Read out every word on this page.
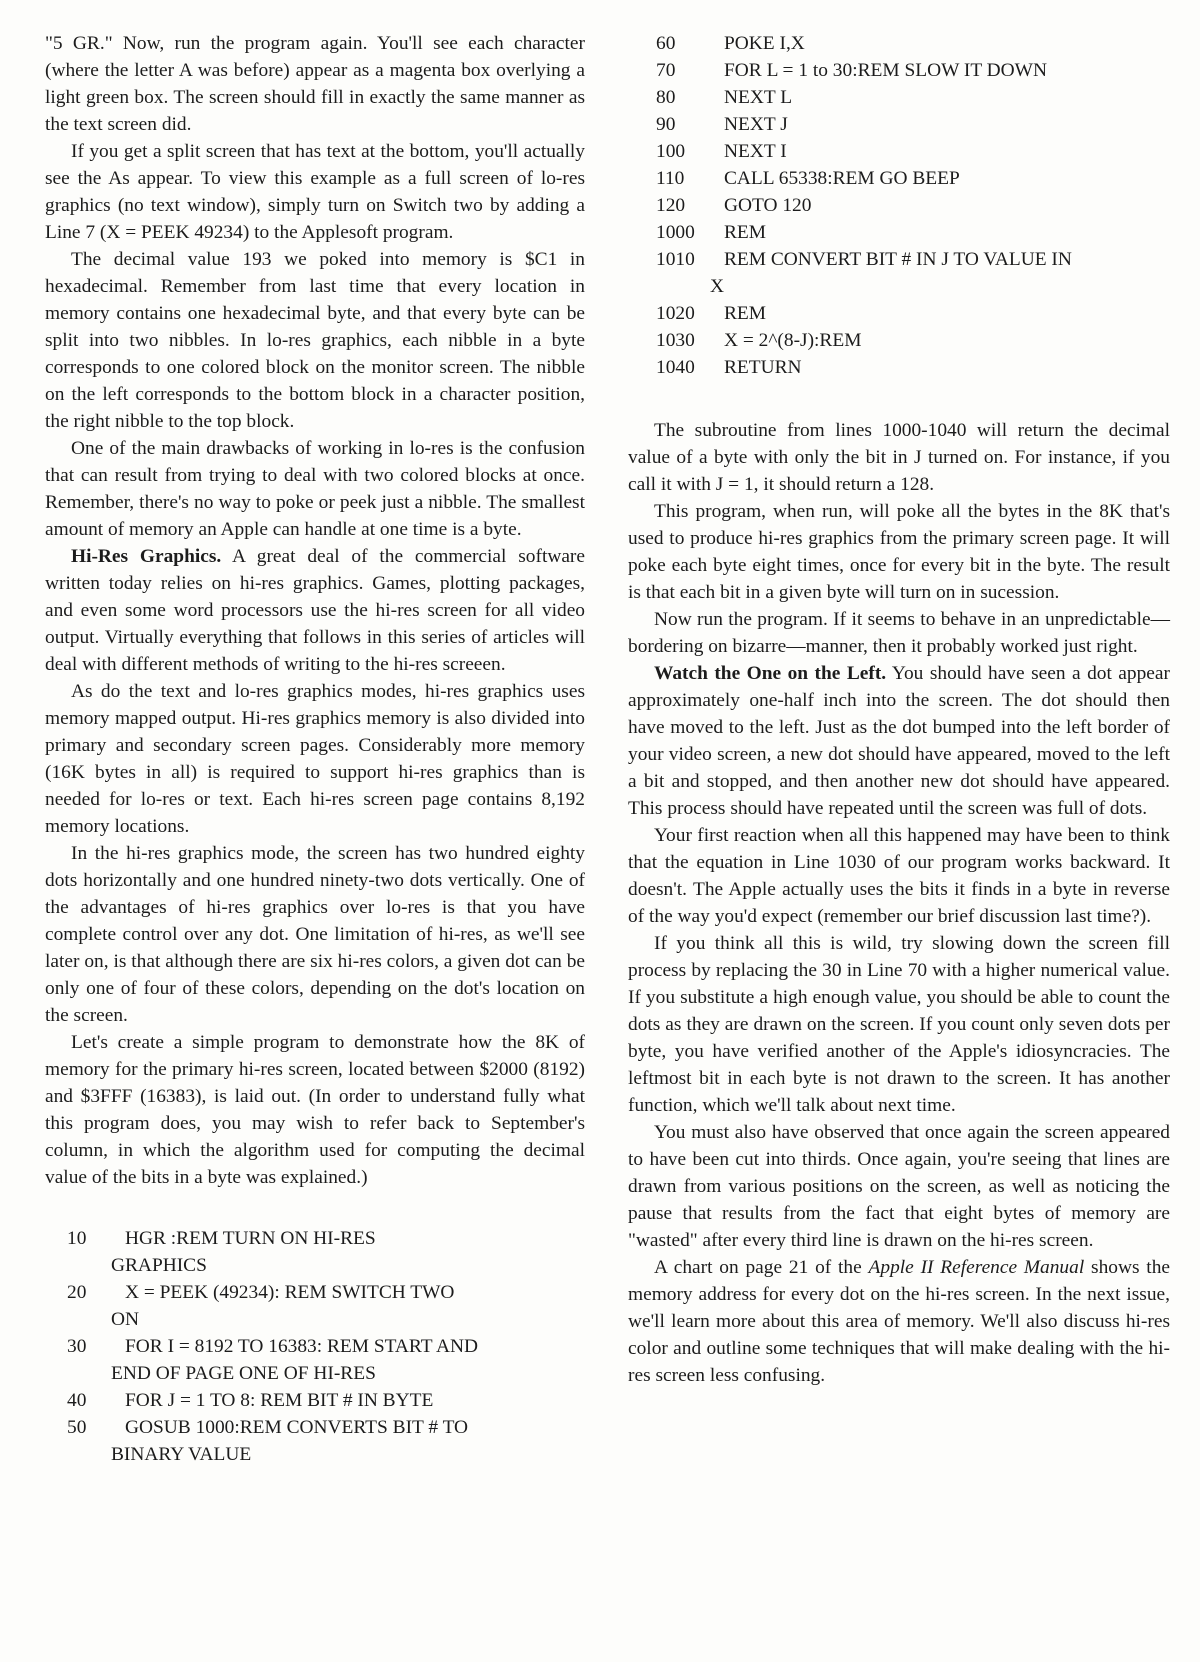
"5 GR." Now, run the program again. You'll see each character (where the letter A was before) appear as a magenta box overlying a light green box. The screen should fill in exactly the same manner as the text screen did.

If you get a split screen that has text at the bottom, you'll actually see the As appear. To view this example as a full screen of lo-res graphics (no text window), simply turn on Switch two by adding a Line 7 (X = PEEK 49234) to the Applesoft program.

The decimal value 193 we poked into memory is $C1 in hexadecimal. Remember from last time that every location in memory contains one hexadecimal byte, and that every byte can be split into two nibbles. In lo-res graphics, each nibble in a byte corresponds to one colored block on the monitor screen. The nibble on the left corresponds to the bottom block in a character position, the right nibble to the top block.

One of the main drawbacks of working in lo-res is the confusion that can result from trying to deal with two colored blocks at once. Remember, there's no way to poke or peek just a nibble. The smallest amount of memory an Apple can handle at one time is a byte.

Hi-Res Graphics. A great deal of the commercial software written today relies on hi-res graphics. Games, plotting packages, and even some word processors use the hi-res screen for all video output. Virtually everything that follows in this series of articles will deal with different methods of writing to the hi-res screeen.

As do the text and lo-res graphics modes, hi-res graphics uses memory mapped output. Hi-res graphics memory is also divided into primary and secondary screen pages. Considerably more memory (16K bytes in all) is required to support hi-res graphics than is needed for lo-res or text. Each hi-res screen page contains 8,192 memory locations.

In the hi-res graphics mode, the screen has two hundred eighty dots horizontally and one hundred ninety-two dots vertically. One of the advantages of hi-res graphics over lo-res is that you have complete control over any dot. One limitation of hi-res, as we'll see later on, is that although there are six hi-res colors, a given dot can be only one of four of these colors, depending on the dot's location on the screen.

Let's create a simple program to demonstrate how the 8K of memory for the primary hi-res screen, located between $2000 (8192) and $3FFF (16383), is laid out. (In order to understand fully what this program does, you may wish to refer back to September's column, in which the algorithm used for computing the decimal value of the bits in a byte was explained.)

10	HGR :REM TURN ON HI-RES
GRAPHICS
20	X = PEEK (49234): REM SWITCH TWO
ON
30	FOR I = 8192 TO 16383: REM START AND
END OF PAGE ONE OF HI-RES
40	FOR J = 1 TO 8: REM BIT # IN BYTE
50	GOSUB 1000:REM CONVERTS BIT # TO
BINARY VALUE
60	POKE I,X
70	FOR L = 1 to 30:REM SLOW IT DOWN
80	NEXT L
90	NEXT J
100	NEXT I
110	CALL 65338:REM GO BEEP
120	GOTO 120
1000	REM
1010	REM CONVERT BIT # IN J TO VALUE IN
X
1020	REM
1030	X = 2^(8-J):REM
1040	RETURN

The subroutine from lines 1000-1040 will return the decimal value of a byte with only the bit in J turned on. For instance, if you call it with J = 1, it should return a 128.

This program, when run, will poke all the bytes in the 8K that's used to produce hi-res graphics from the primary screen page. It will poke each byte eight times, once for every bit in the byte. The result is that each bit in a given byte will turn on in sucession.

Now run the program. If it seems to behave in an unpredictable—bordering on bizarre—manner, then it probably worked just right.

Watch the One on the Left. You should have seen a dot appear approximately one-half inch into the screen. The dot should then have moved to the left. Just as the dot bumped into the left border of your video screen, a new dot should have appeared, moved to the left a bit and stopped, and then another new dot should have appeared. This process should have repeated until the screen was full of dots.

Your first reaction when all this happened may have been to think that the equation in Line 1030 of our program works backward. It doesn't. The Apple actually uses the bits it finds in a byte in reverse of the way you'd expect (remember our brief discussion last time?).

If you think all this is wild, try slowing down the screen fill process by replacing the 30 in Line 70 with a higher numerical value. If you substitute a high enough value, you should be able to count the dots as they are drawn on the screen. If you count only seven dots per byte, you have verified another of the Apple's idiosyncracies. The leftmost bit in each byte is not drawn to the screen. It has another function, which we'll talk about next time.

You must also have observed that once again the screen appeared to have been cut into thirds. Once again, you're seeing that lines are drawn from various positions on the screen, as well as noticing the pause that results from the fact that eight bytes of memory are "wasted" after every third line is drawn on the hi-res screen.

A chart on page 21 of the Apple II Reference Manual shows the memory address for every dot on the hi-res screen. In the next issue, we'll learn more about this area of memory. We'll also discuss hi-res color and outline some techniques that will make dealing with the hi-res screen less confusing.
